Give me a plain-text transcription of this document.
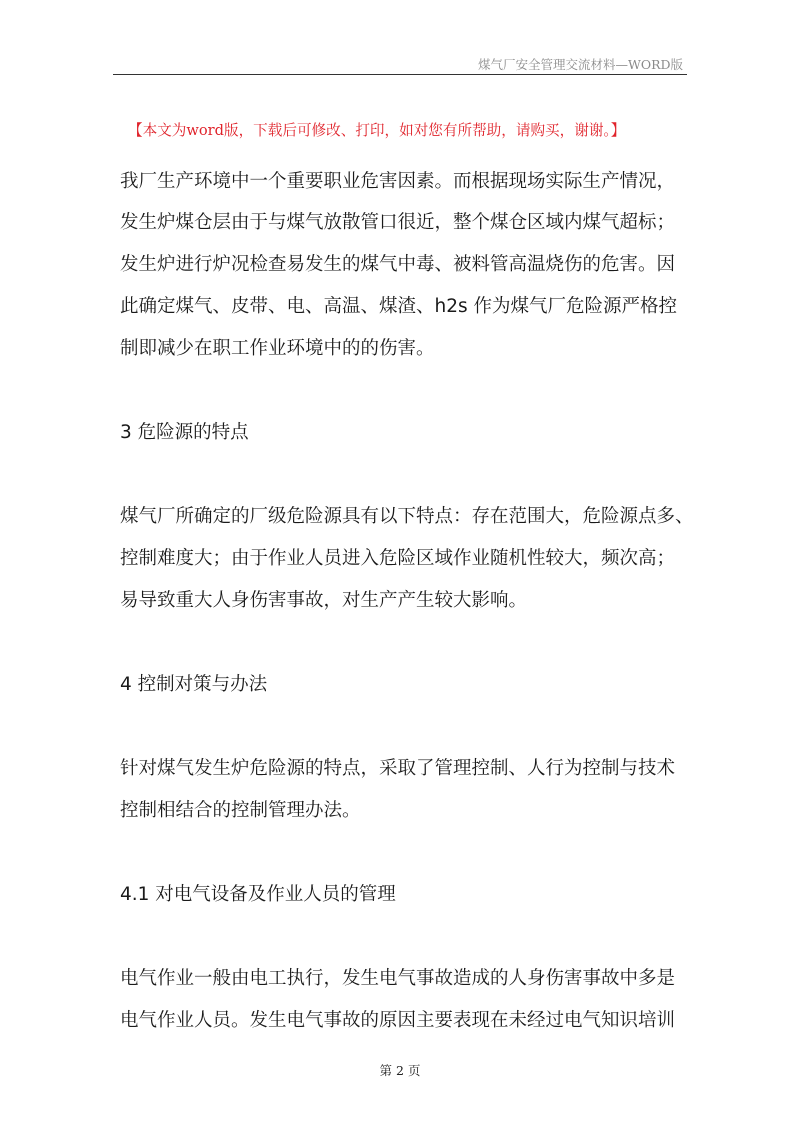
煤气厂安全管理交流材料—WORD版
【本文为word版，下载后可修改、打印，如对您有所帮助，请购买，谢谢。】
我厂生产环境中一个重要职业危害因素。而根据现场实际生产情况，
发生炉煤仓层由于与煤气放散管口很近，整个煤仓区域内煤气超标；
发生炉进行炉况检查易发生的煤气中毒、被料管高温烧伤的危害。因
此确定煤气、皮带、电、高温、煤渣、h2s 作为煤气厂危险源严格控
制即减少在职工作业环境中的的伤害。
3 危险源的特点
煤气厂所确定的厂级危险源具有以下特点：存在范围大，危险源点多、
控制难度大；由于作业人员进入危险区域作业随机性较大，频次高；
易导致重大人身伤害事故，对生产产生较大影响。
4 控制对策与办法
针对煤气发生炉危险源的特点，采取了管理控制、人行为控制与技术
控制相结合的控制管理办法。
4.1 对电气设备及作业人员的管理
电气作业一般由电工执行，发生电气事故造成的人身伤害事故中多是
电气作业人员。发生电气事故的原因主要表现在未经过电气知识培训
第 2 页
